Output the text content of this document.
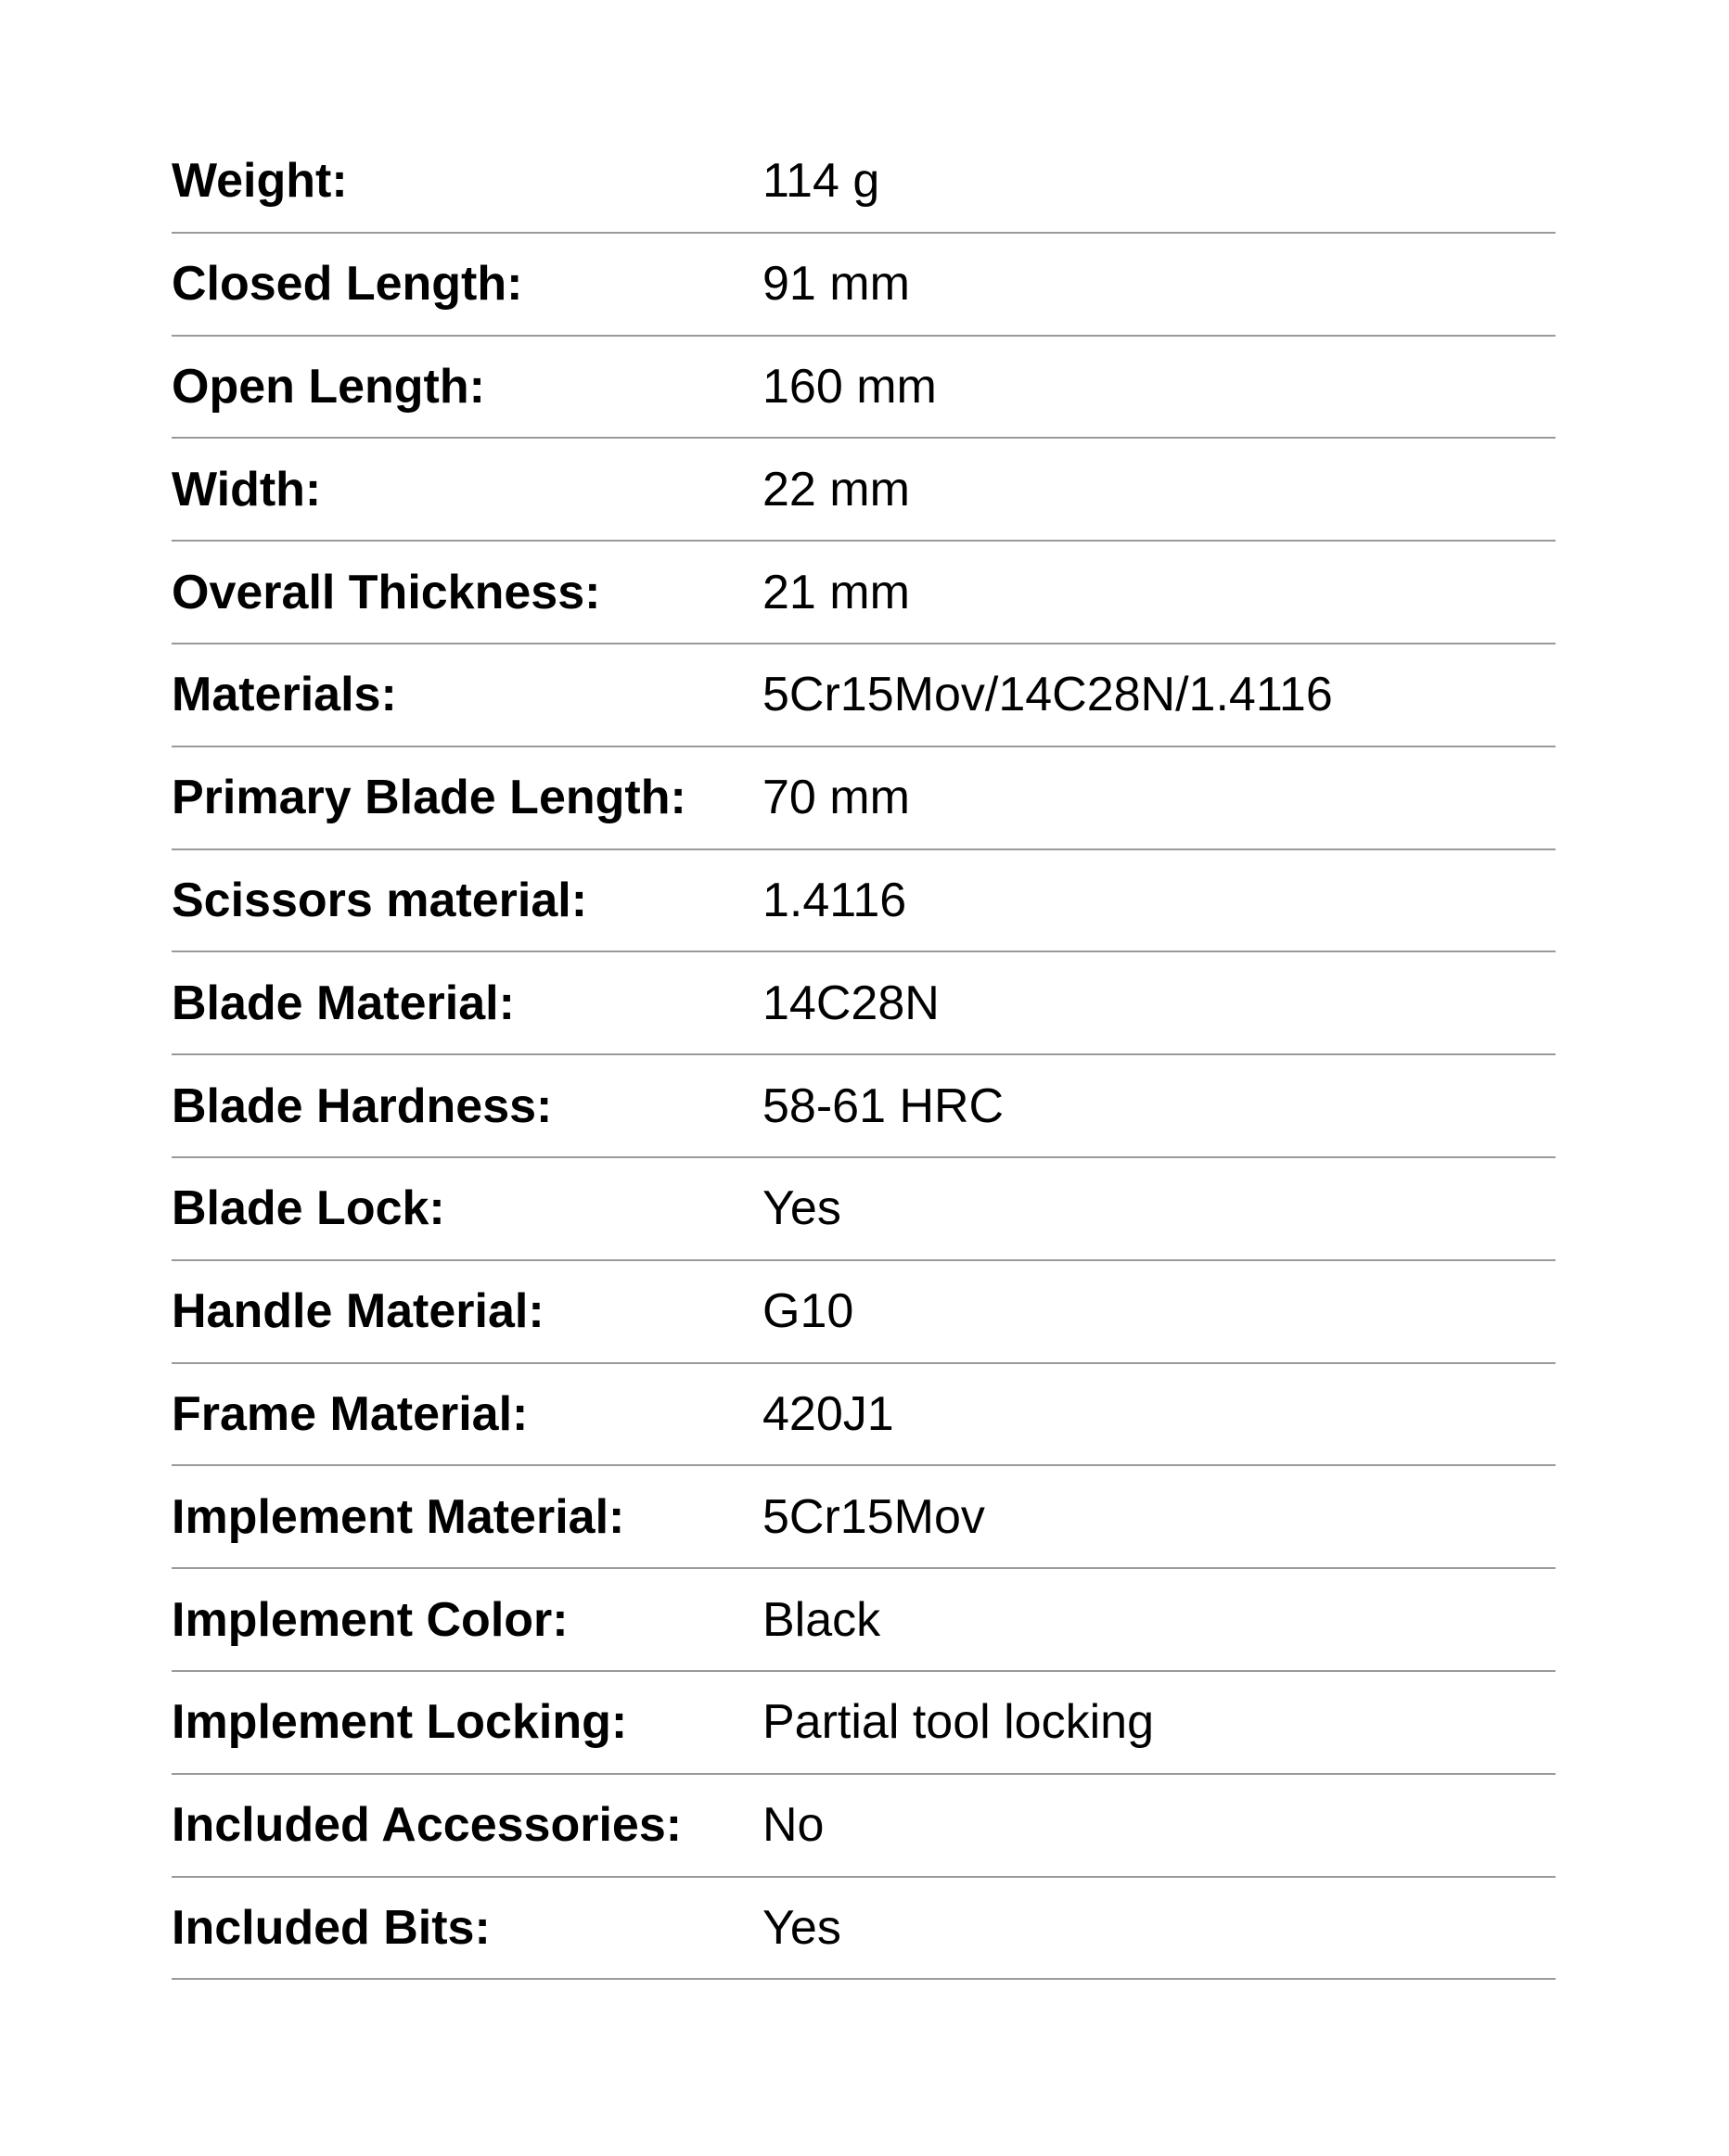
Weight:	114 g
Closed Length:	91 mm
Open Length:	160 mm
Width:	22 mm
Overall Thickness:	21 mm
Materials:	5Cr15Mov/14C28N/1.4116
Primary Blade Length:	70 mm
Scissors material:	1.4116
Blade Material:	14C28N
Blade Hardness:	58-61 HRC
Blade Lock:	Yes
Handle Material:	G10
Frame Material:	420J1
Implement Material:	5Cr15Mov
Implement Color:	Black
Implement Locking:	Partial tool locking
Included Accessories:	No
Included Bits:	Yes
